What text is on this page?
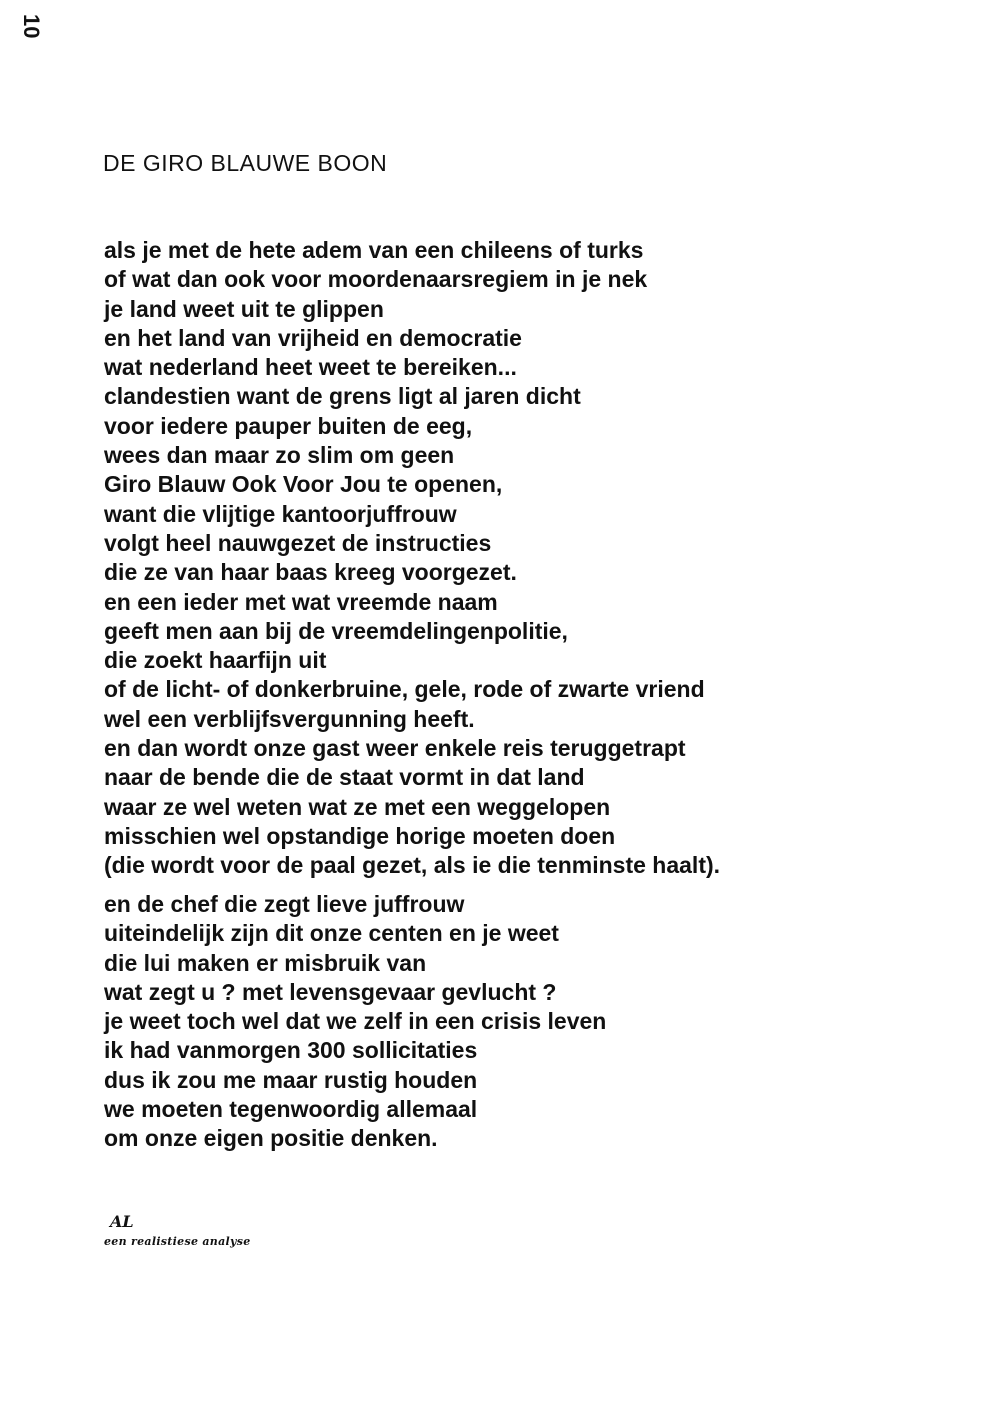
10
DE GIRO BLAUWE BOON
als je met de hete adem van een chileens of turks
of wat dan ook voor moordenaarsregiem in je nek
je land weet uit te glippen
en het land van vrijheid en democratie
wat nederland heet weet te bereiken...
clandestien want de grens ligt al jaren dicht
voor iedere pauper buiten de eeg,
wees dan maar zo slim om geen
Giro Blauw Ook Voor Jou te openen,
want die vlijtige kantoorjuffrouw
volgt heel nauwgezet de instructies
die ze van haar baas kreeg voorgezet.
en een ieder met wat vreemde naam
geeft men aan bij de vreemdelingenpolitie,
die zoekt haarfijn uit
of de licht- of donkerbruine, gele, rode of zwarte vriend
wel een verblijfsvergunning heeft.
en dan wordt onze gast weer enkele reis teruggetrapt
naar de bende die de staat vormt in dat land
waar ze wel weten wat ze met een weggelopen
misschien wel opstandige horige moeten doen
(die wordt voor de paal gezet, als ie die tenminste haalt).
en de chef die zegt lieve juffrouw
uiteindelijk zijn dit onze centen en je weet
die lui maken er misbruik van
wat zegt u ? met levensgevaar gevlucht ?
je weet toch wel dat we zelf in een crisis leven
ik had vanmorgen 300 sollicitaties
dus ik zou me maar rustig houden
we moeten tegenwoordig allemaal
om onze eigen positie denken.
AL
een realistiese analyse
